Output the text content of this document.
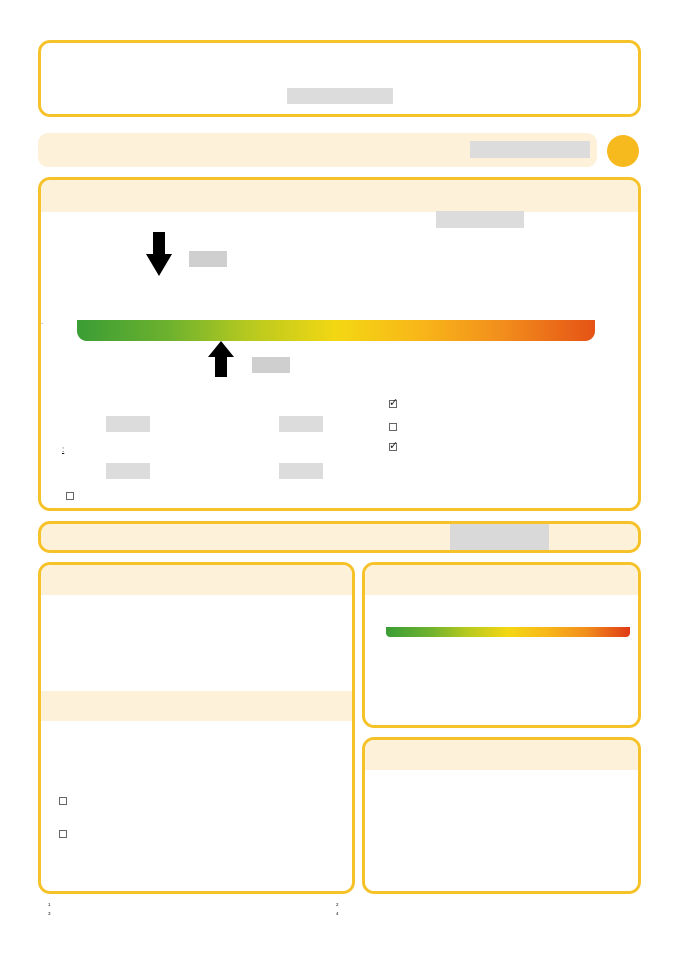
:
✓
✓
$^1$
$^3$
$^2$
$^4$
